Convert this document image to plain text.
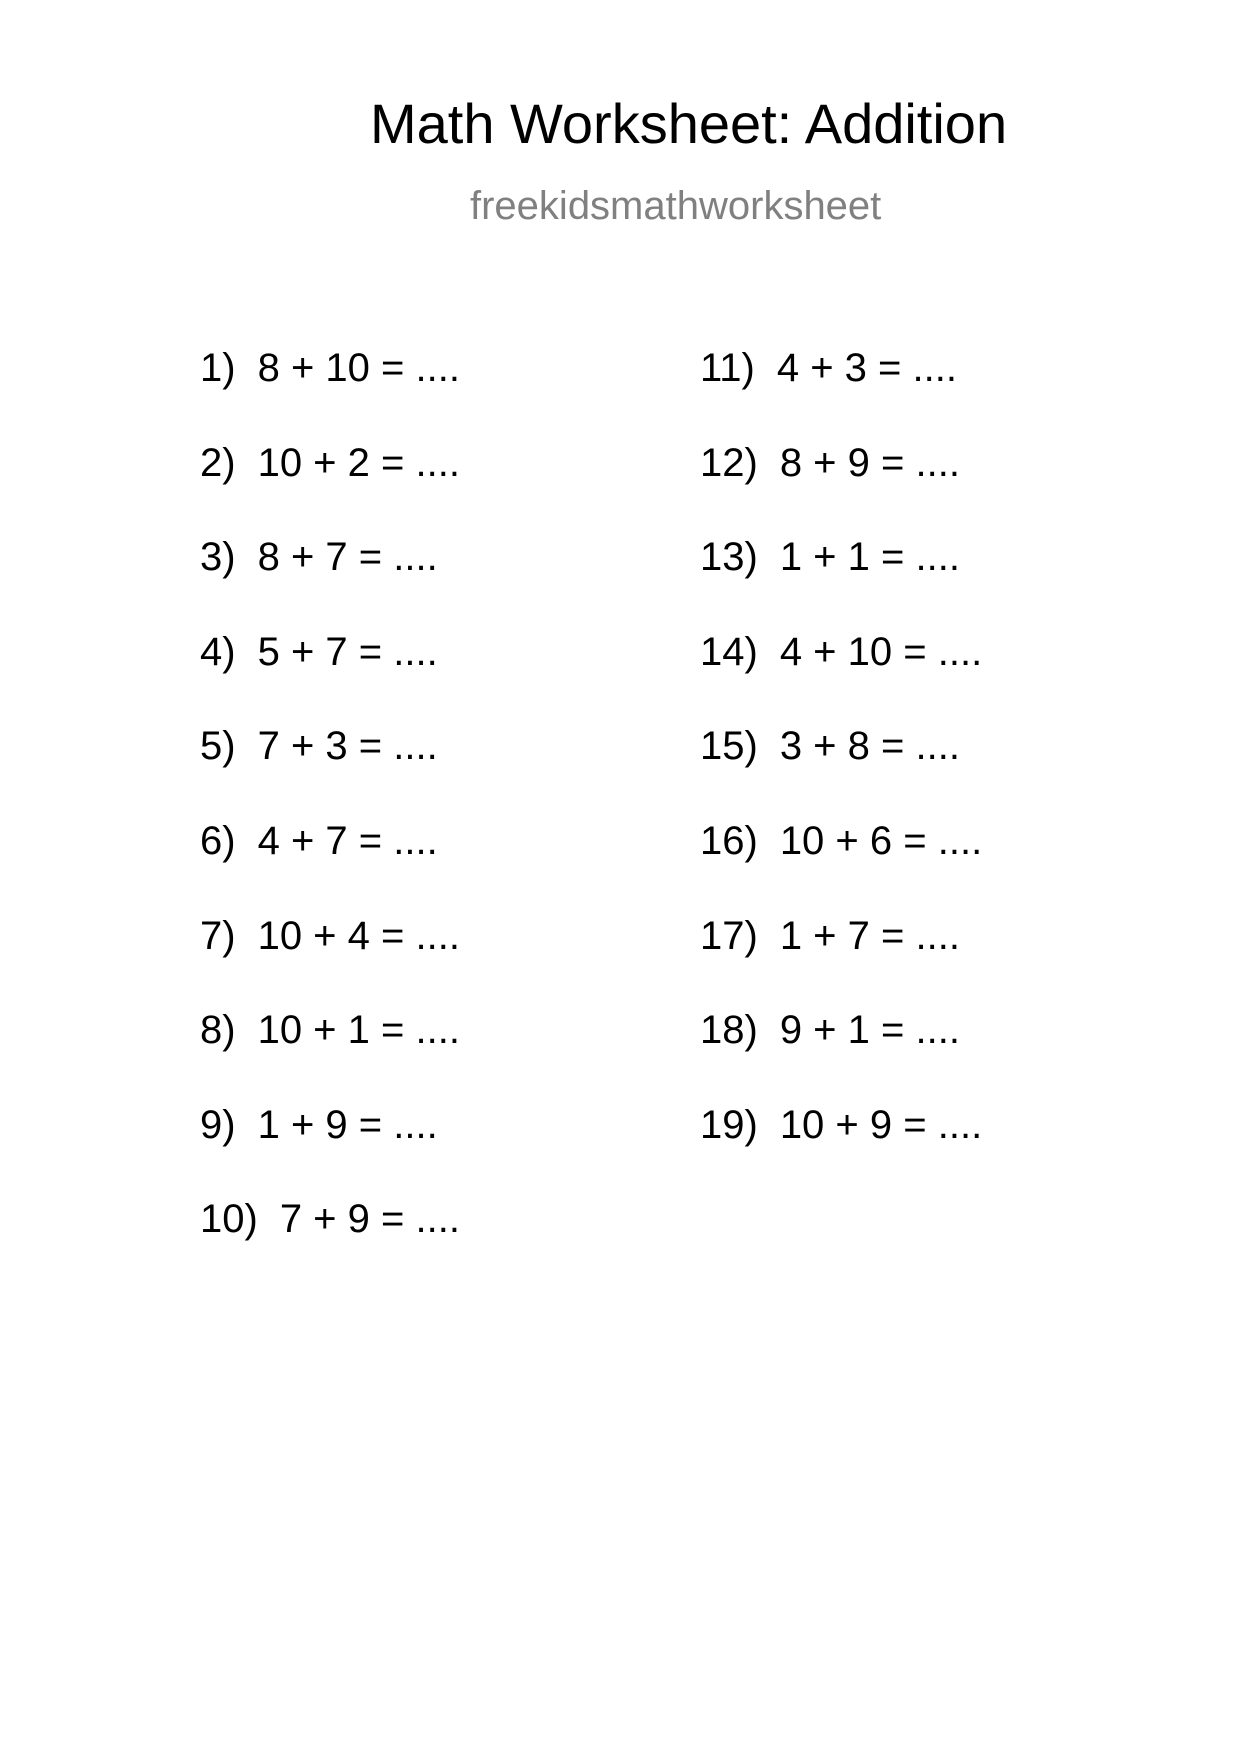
Math Worksheet: Addition
freekidsmathworksheet
1) 8 + 10 = ....
2) 10 + 2 = ....
3) 8 + 7 = ....
4) 5 + 7 = ....
5) 7 + 3 = ....
6) 4 + 7 = ....
7) 10 + 4 = ....
8) 10 + 1 = ....
9) 1 + 9 = ....
10) 7 + 9 = ....
11) 4 + 3 = ....
12) 8 + 9 = ....
13) 1 + 1 = ....
14) 4 + 10 = ....
15) 3 + 8 = ....
16) 10 + 6 = ....
17) 1 + 7 = ....
18) 9 + 1 = ....
19) 10 + 9 = ....
